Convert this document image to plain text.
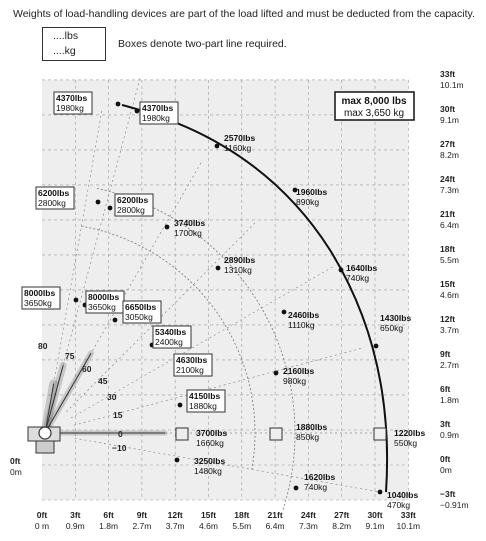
Weights of load-handling devices are part of the load lifted and must be deducted from the capacity.
....lbs
....kg
Boxes denote two-part line required.
0ft
0 m
3ft
0.9m
6ft
1.8m
9ft
2.7m
12ft
3.7m
15ft
4.6m
18ft
5.5m
21ft
6.4m
24ft
7.3m
27ft
8.2m
30ft
9.1m
33ft
10.1m
33ft
10.1m
30ft
9.1m
27ft
8.2m
24ft
7.3m
21ft
6.4m
18ft
5.5m
15ft
4.6m
12ft
3.7m
9ft
2.7m
6ft
1.8m
3ft
0.9m
0ft
0m
−3ft
−0.91m
0ft
0m
80
75
60
45
30
15
0
−10
max 8,000 lbs
max 3,650 kg
4370lbs
1980kg	4370lbs
1980kg
2570lbs
1160kg
6200lbs
2800kg	6200lbs
2800kg
1960lbs
890kg
3740lbs
1700kg
2890lbs
1310kg	1640lbs
740kg
8000lbs
3650kg
8000lbs
3650kg 6650lbs
3050kg	2460lbs
1110kg
5340lbs
2400kg
1430lbs
650kg
4630lbs
2100kg	2160lbs
980kg
4150lbs
1880kg
3700lbs
1660kg
1880lbs
850kg	1220lbs
550kg
3250lbs
1480kg
1620lbs
740kg
1040lbs
470kg
